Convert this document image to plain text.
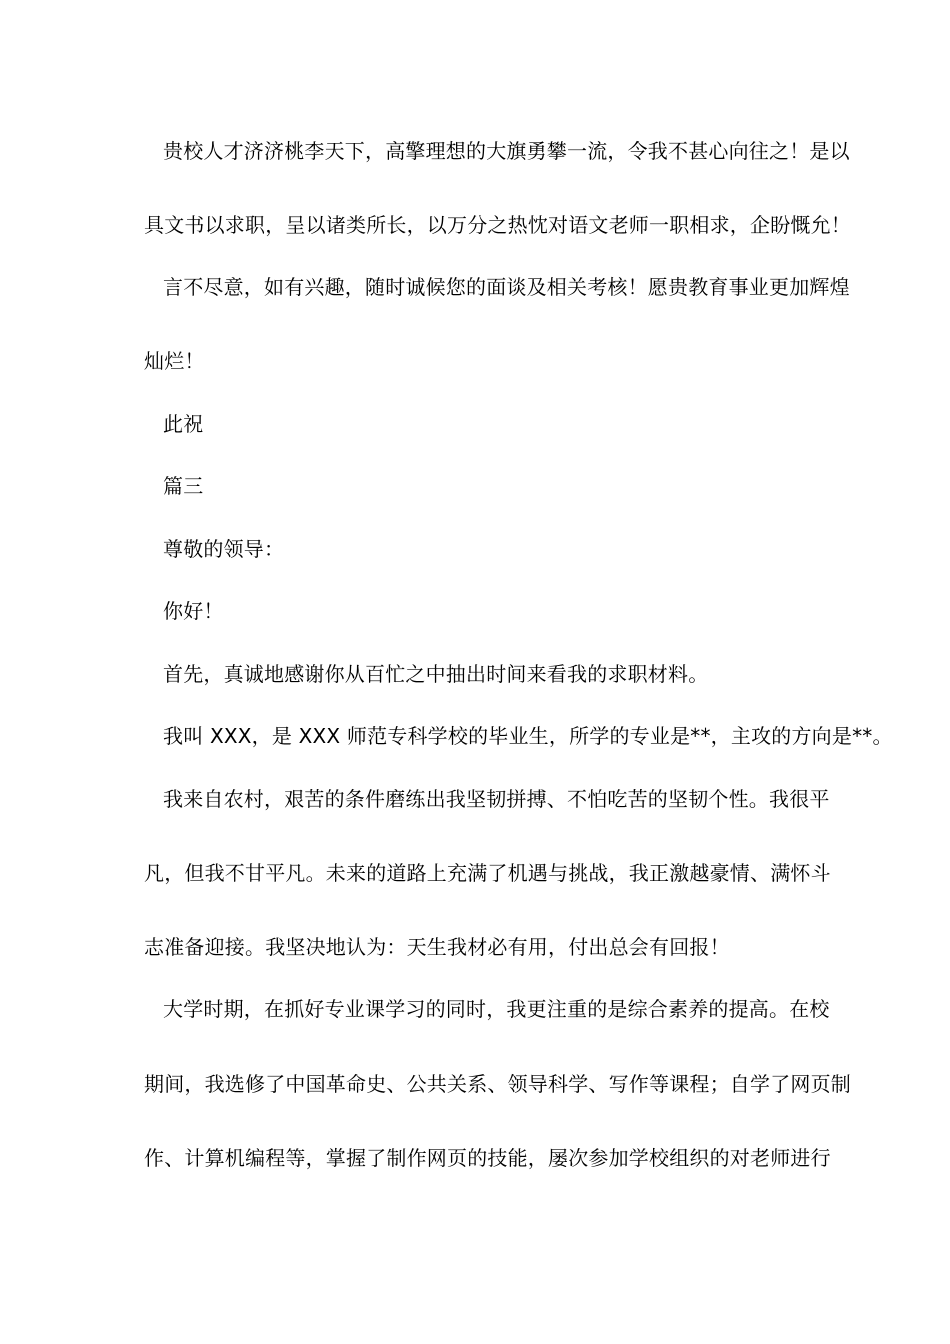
贵校人才济济桃李天下，高擎理想的大旗勇攀一流，令我不甚心向往之！是以
具文书以求职，呈以诸类所长，以万分之热忱对语文老师一职相求，企盼慨允！
言不尽意，如有兴趣，随时诚候您的面谈及相关考核！愿贵教育事业更加辉煌
灿烂！
此祝
篇三
尊敬的领导：
你好！
首先，真诚地感谢你从百忙之中抽出时间来看我的求职材料。
我叫 XXX，是 XXX 师范专科学校的毕业生，所学的专业是**，主攻的方向是**。
我来自农村，艰苦的条件磨练出我坚韧拼搏、不怕吃苦的坚韧个性。我很平
凡，但我不甘平凡。未来的道路上充满了机遇与挑战，我正激越豪情、满怀斗
志准备迎接。我坚决地认为：天生我材必有用，付出总会有回报！
大学时期，在抓好专业课学习的同时，我更注重的是综合素养的提高。在校
期间，我选修了中国革命史、公共关系、领导科学、写作等课程；自学了网页制
作、计算机编程等，掌握了制作网页的技能，屡次参加学校组织的对老师进行
